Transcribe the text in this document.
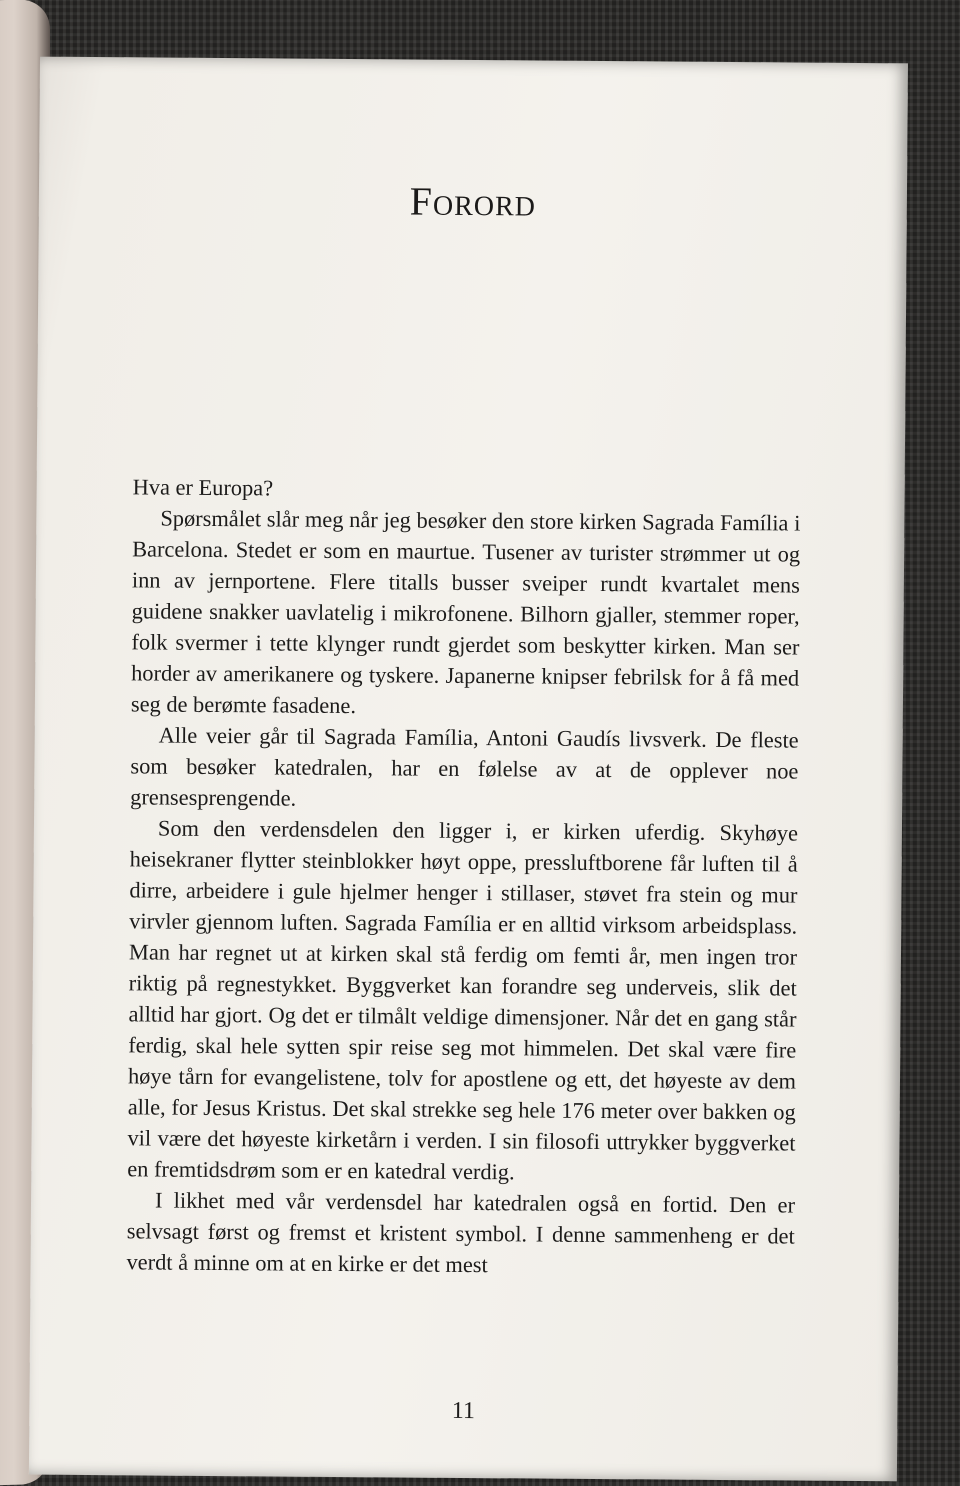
Forord

Hva er Europa?

Spørsmålet slår meg når jeg besøker den store kirken Sagrada Família i Barcelona. Stedet er som en maurtue. Tusener av turister strømmer ut og inn av jernportene. Flere titalls busser sveiper rundt kvartalet mens guidene snakker uavlatelig i mikrofonene. Bilhorn gjaller, stemmer roper, folk svermer i tette klynger rundt gjerdet som beskytter kirken. Man ser horder av amerikanere og tyskere. Japanerne knipser febrilsk for å få med seg de berømte fasadene.

Alle veier går til Sagrada Família, Antoni Gaudís livsverk. De fleste som besøker katedralen, har en følelse av at de opplever noe grensesprengende.

Som den verdensdelen den ligger i, er kirken uferdig. Skyhøye heisekraner flytter steinblokker høyt oppe, pressluftborene får luften til å dirre, arbeidere i gule hjelmer henger i stillaser, støvet fra stein og mur virvler gjennom luften. Sagrada Família er en alltid virksom arbeidsplass. Man har regnet ut at kirken skal stå ferdig om femti år, men ingen tror riktig på regnestykket. Byggverket kan forandre seg underveis, slik det alltid har gjort. Og det er tilmålt veldige dimensjoner. Når det en gang står ferdig, skal hele sytten spir reise seg mot himmelen. Det skal være fire høye tårn for evangelistene, tolv for apostlene og ett, det høyeste av dem alle, for Jesus Kristus. Det skal strekke seg hele 176 meter over bakken og vil være det høyeste kirketårn i verden. I sin filosofi uttrykker byggverket en fremtidsdrøm som er en katedral verdig.

I likhet med vår verdensdel har katedralen også en fortid. Den er selvsagt først og fremst et kristent symbol. I denne sammenheng er det verdt å minne om at en kirke er det mest

11
